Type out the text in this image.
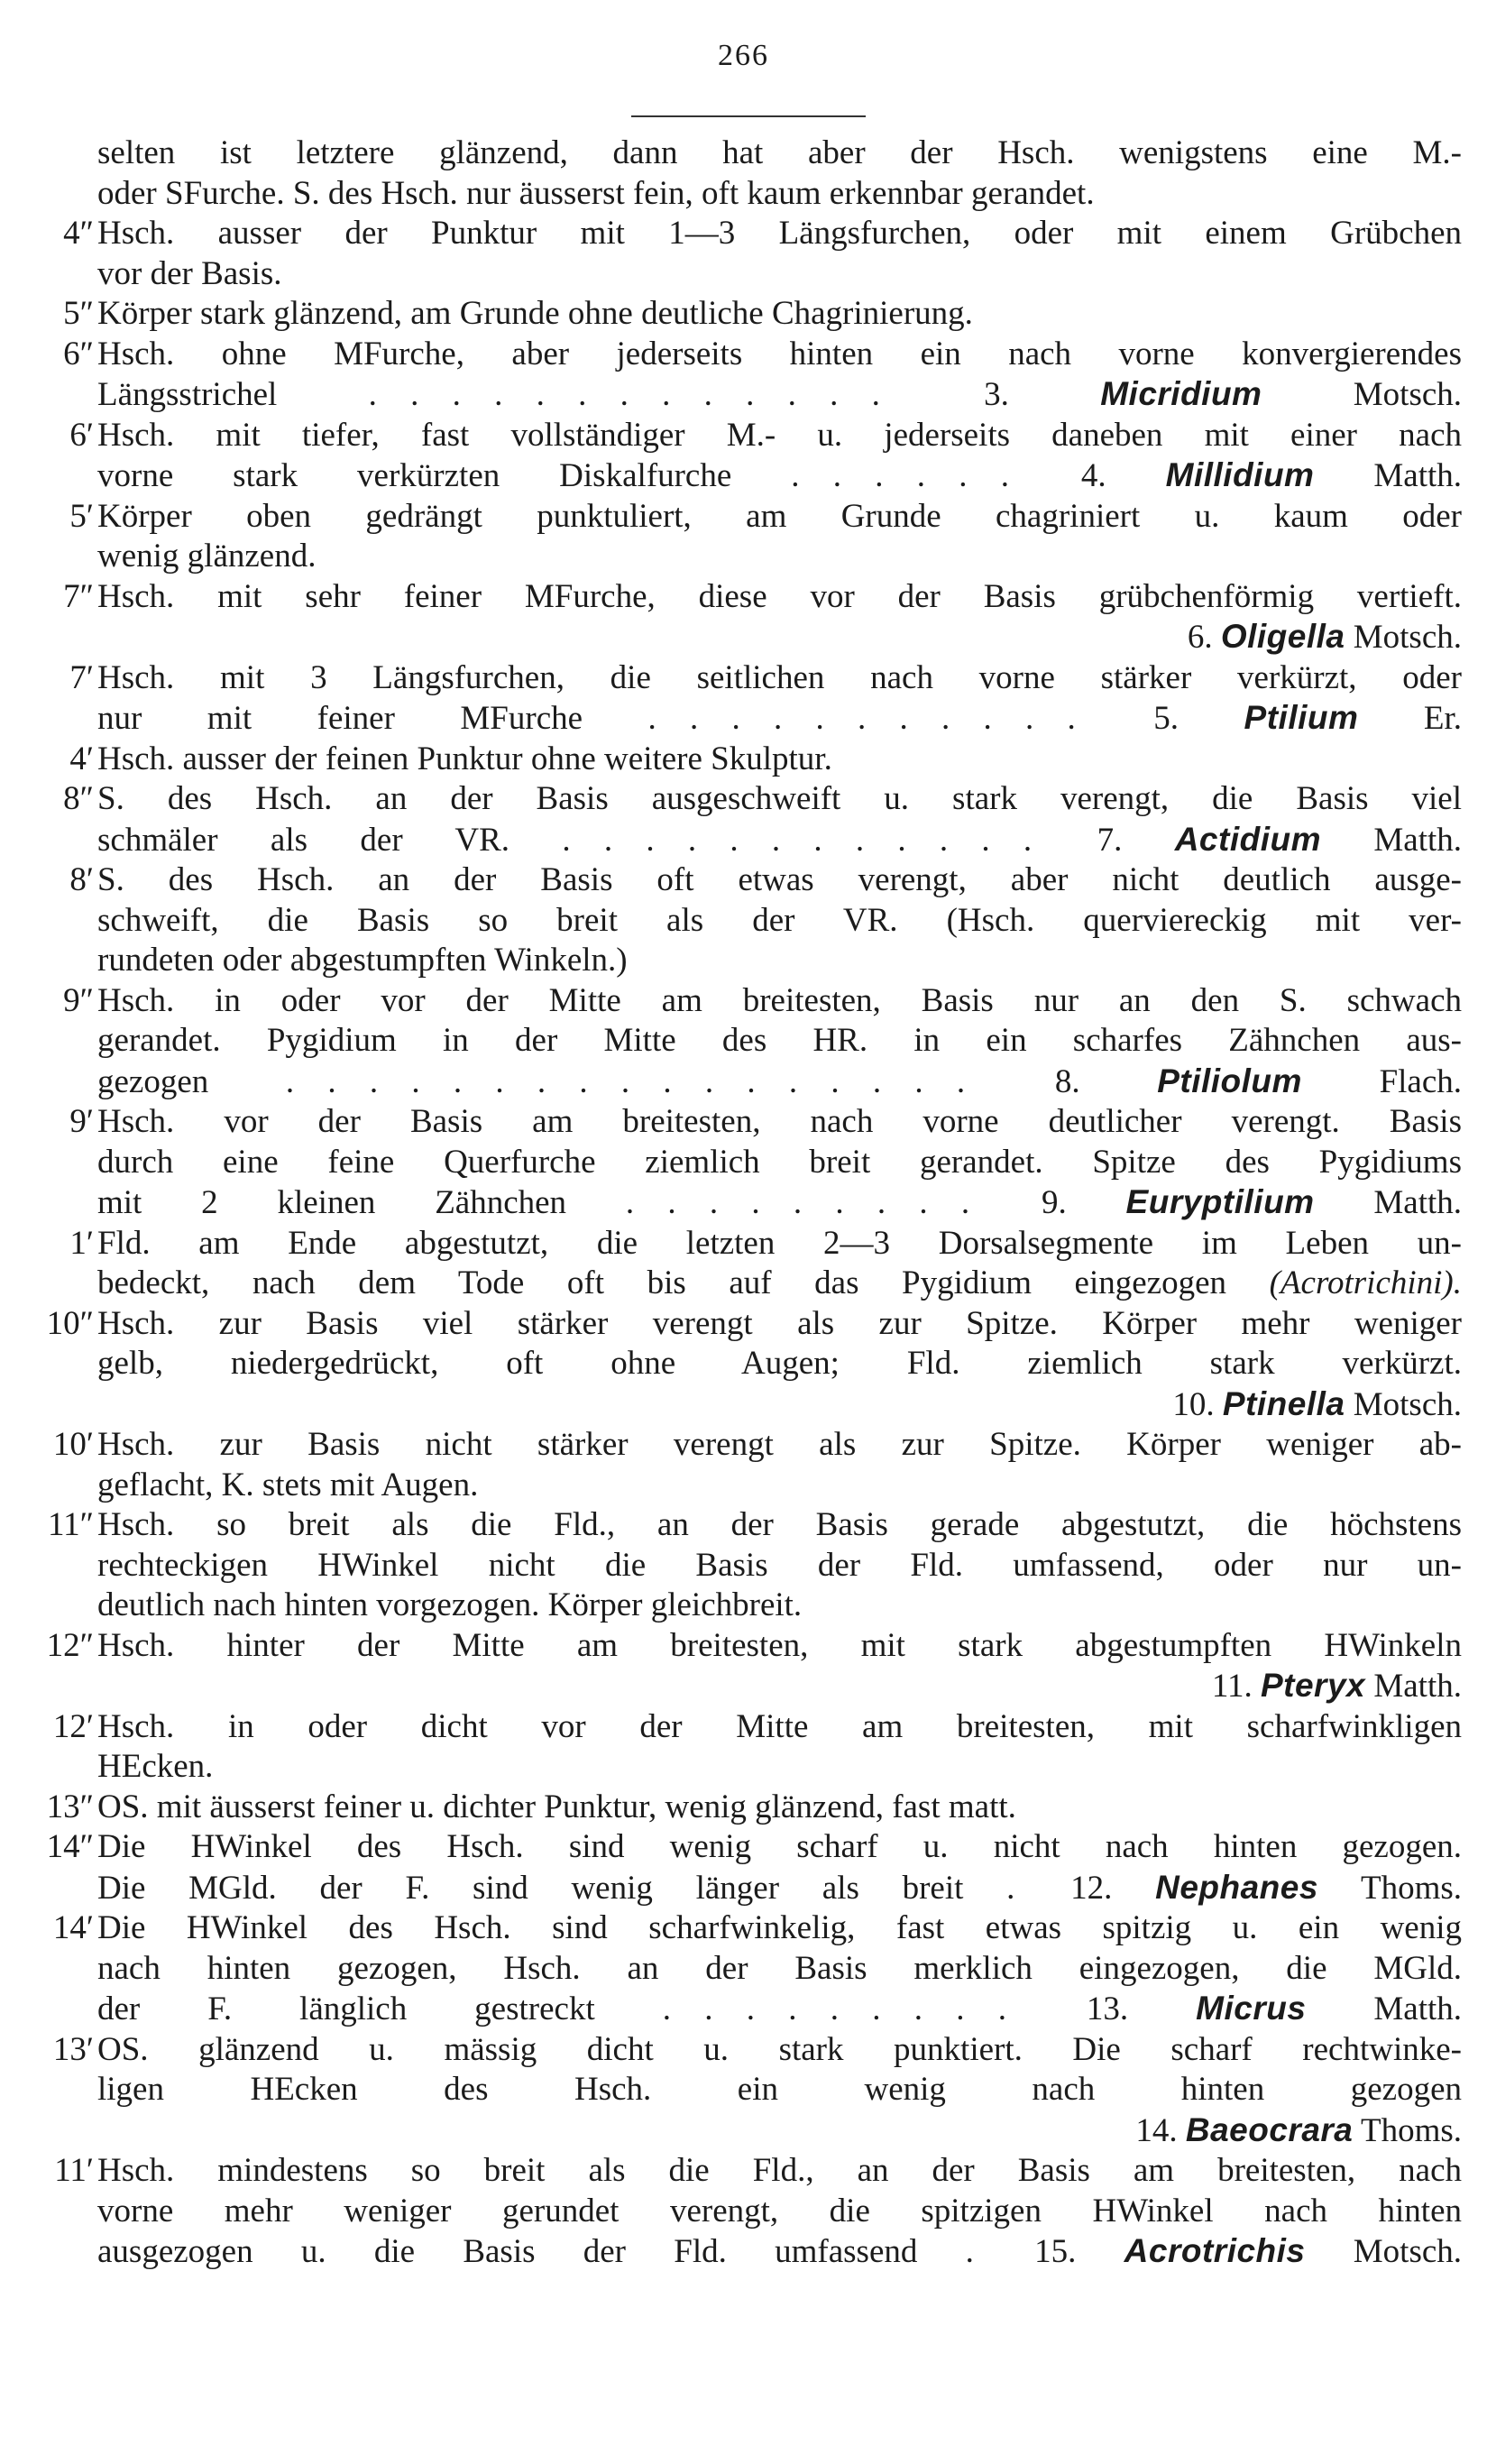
266
selten ist letztere glänzend, dann hat aber der Hsch. wenigstens eine M.-
oder SFurche. S. des Hsch. nur äusserst fein, oft kaum erkennbar gerandet.
4″ Hsch. ausser der Punktur mit 1—3 Längsfurchen, oder mit einem Grübchen
vor der Basis.
5″ Körper stark glänzend, am Grunde ohne deutliche Chagrinierung.
6″ Hsch. ohne MFurche, aber jederseits hinten ein nach vorne konvergierendes
Längsstrichel	. . . . . . . . . . . . .	3.	Micridium	Motsch.
6′ Hsch. mit tiefer, fast vollständiger M.- u. jederseits daneben mit einer nach
vorne stark verkürzten Diskalfurche . . . . . . 4. Millidium Matth.
5′ Körper oben gedrängt punktuliert, am Grunde chagriniert u. kaum oder
wenig glänzend.
7″ Hsch. mit sehr feiner MFurche, diese vor der Basis grübchenförmig vertieft.
6. Oligella Motsch.
7′ Hsch. mit 3 Längsfurchen, die seitlichen nach vorne stärker verkürzt, oder
nur mit feiner MFurche . . . . . . . . . . . 5. Ptilium Er.
4′ Hsch. ausser der feinen Punktur ohne weitere Skulptur.
8″ S. des Hsch. an der Basis ausgeschweift u. stark verengt, die Basis viel
schmäler als der VR. . . . . . . . . . . . . 7. Actidium Matth.
8′ S. des Hsch. an der Basis oft etwas verengt, aber nicht deutlich ausge-
schweift, die Basis so breit als der VR. (Hsch. querviereckig mit ver-
rundeten oder abgestumpften Winkeln.)
9″ Hsch. in oder vor der Mitte am breitesten, Basis nur an den S. schwach
gerandet. Pygidium in der Mitte des HR. in ein scharfes Zähnchen aus-
gezogen . . . . . . . . . . . . . . . . . 8. Ptiliolum Flach.
9′ Hsch. vor der Basis am breitesten, nach vorne deutlicher verengt. Basis
durch eine feine Querfurche ziemlich breit gerandet. Spitze des Pygidiums
mit 2 kleinen Zähnchen . . . . . . . . . 9. Euryptilium Matth.
1′ Fld. am Ende abgestutzt, die letzten 2—3 Dorsalsegmente im Leben un-
bedeckt, nach dem Tode oft bis auf das Pygidium eingezogen (Acrotrichini).
10″ Hsch. zur Basis viel stärker verengt als zur Spitze. Körper mehr weniger
gelb, niedergedrückt, oft ohne Augen; Fld. ziemlich stark verkürzt.
10. Ptinella Motsch.
10′ Hsch. zur Basis nicht stärker verengt als zur Spitze. Körper weniger ab-
geflacht, K. stets mit Augen.
11″ Hsch. so breit als die Fld., an der Basis gerade abgestutzt, die höchstens
rechteckigen HWinkel nicht die Basis der Fld. umfassend, oder nur un-
deutlich nach hinten vorgezogen. Körper gleichbreit.
12″ Hsch. hinter der Mitte am breitesten, mit stark abgestumpften HWinkeln
11. Pteryx Matth.
12′ Hsch. in oder dicht vor der Mitte am breitesten, mit scharfwinkligen
HEcken.
13″ OS. mit äusserst feiner u. dichter Punktur, wenig glänzend, fast matt.
14″ Die HWinkel des Hsch. sind wenig scharf u. nicht nach hinten gezogen.
Die MGld. der F. sind wenig länger als breit . 12. Nephanes Thoms.
14′ Die HWinkel des Hsch. sind scharfwinkelig, fast etwas spitzig u. ein wenig
nach hinten gezogen, Hsch. an der Basis merklich eingezogen, die MGld.
der F. länglich gestreckt . . . . . . . . . 13. Micrus Matth.
13′ OS. glänzend u. mässig dicht u. stark punktiert. Die scharf rechtwinke-
ligen HEcken des Hsch. ein wenig nach hinten gezogen
14. Baeocrara Thoms.
11′ Hsch. mindestens so breit als die Fld., an der Basis am breitesten, nach
vorne mehr weniger gerundet verengt, die spitzigen HWinkel nach hinten
ausgezogen u. die Basis der Fld. umfassend . 15. Acrotrichis Motsch.
